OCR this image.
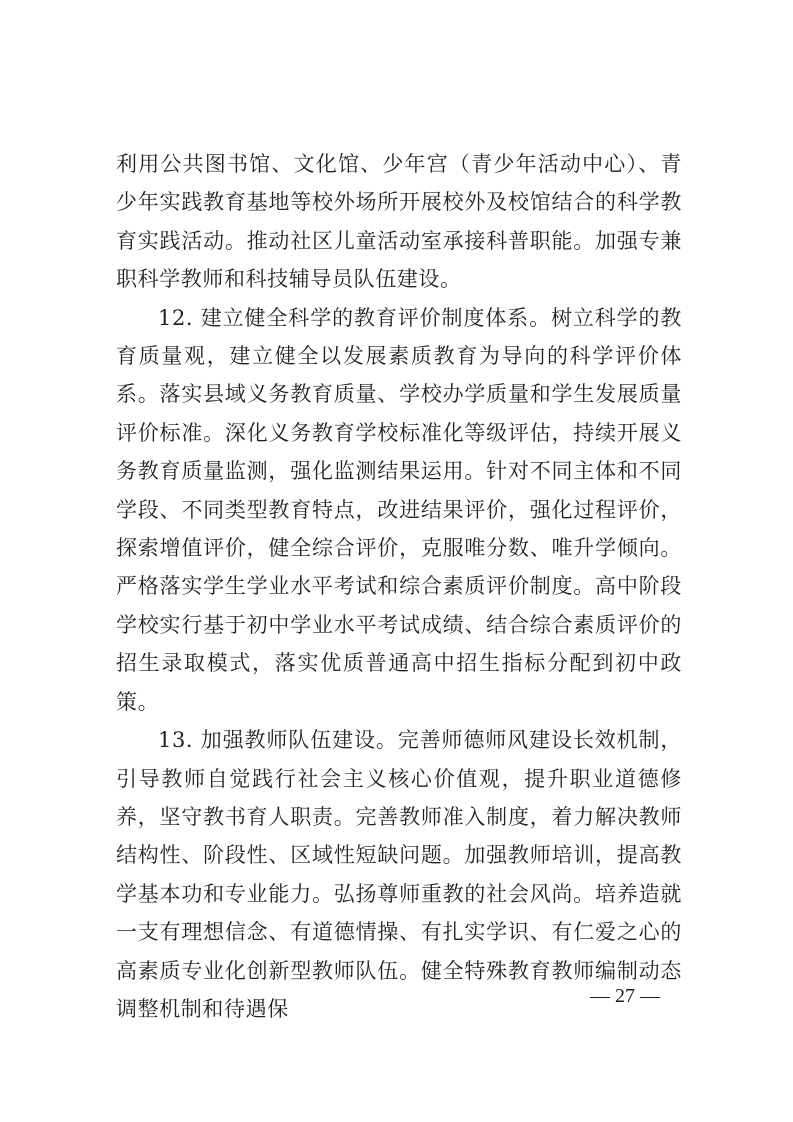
利用公共图书馆、文化馆、少年宫（青少年活动中心）、青少年实践教育基地等校外场所开展校外及校馆结合的科学教育实践活动。推动社区儿童活动室承接科普职能。加强专兼职科学教师和科技辅导员队伍建设。

12. 建立健全科学的教育评价制度体系。树立科学的教育质量观，建立健全以发展素质教育为导向的科学评价体系。落实县域义务教育质量、学校办学质量和学生发展质量评价标准。深化义务教育学校标准化等级评估，持续开展义务教育质量监测，强化监测结果运用。针对不同主体和不同学段、不同类型教育特点，改进结果评价，强化过程评价，探索增值评价，健全综合评价，克服唯分数、唯升学倾向。严格落实学生学业水平考试和综合素质评价制度。高中阶段学校实行基于初中学业水平考试成绩、结合综合素质评价的招生录取模式，落实优质普通高中招生指标分配到初中政策。

13. 加强教师队伍建设。完善师德师风建设长效机制，引导教师自觉践行社会主义核心价值观，提升职业道德修养，坚守教书育人职责。完善教师准入制度，着力解决教师结构性、阶段性、区域性短缺问题。加强教师培训，提高教学基本功和专业能力。弘扬尊师重教的社会风尚。培养造就一支有理想信念、有道德情操、有扎实学识、有仁爱之心的高素质专业化创新型教师队伍。健全特殊教育教师编制动态调整机制和待遇保

— 27 —
